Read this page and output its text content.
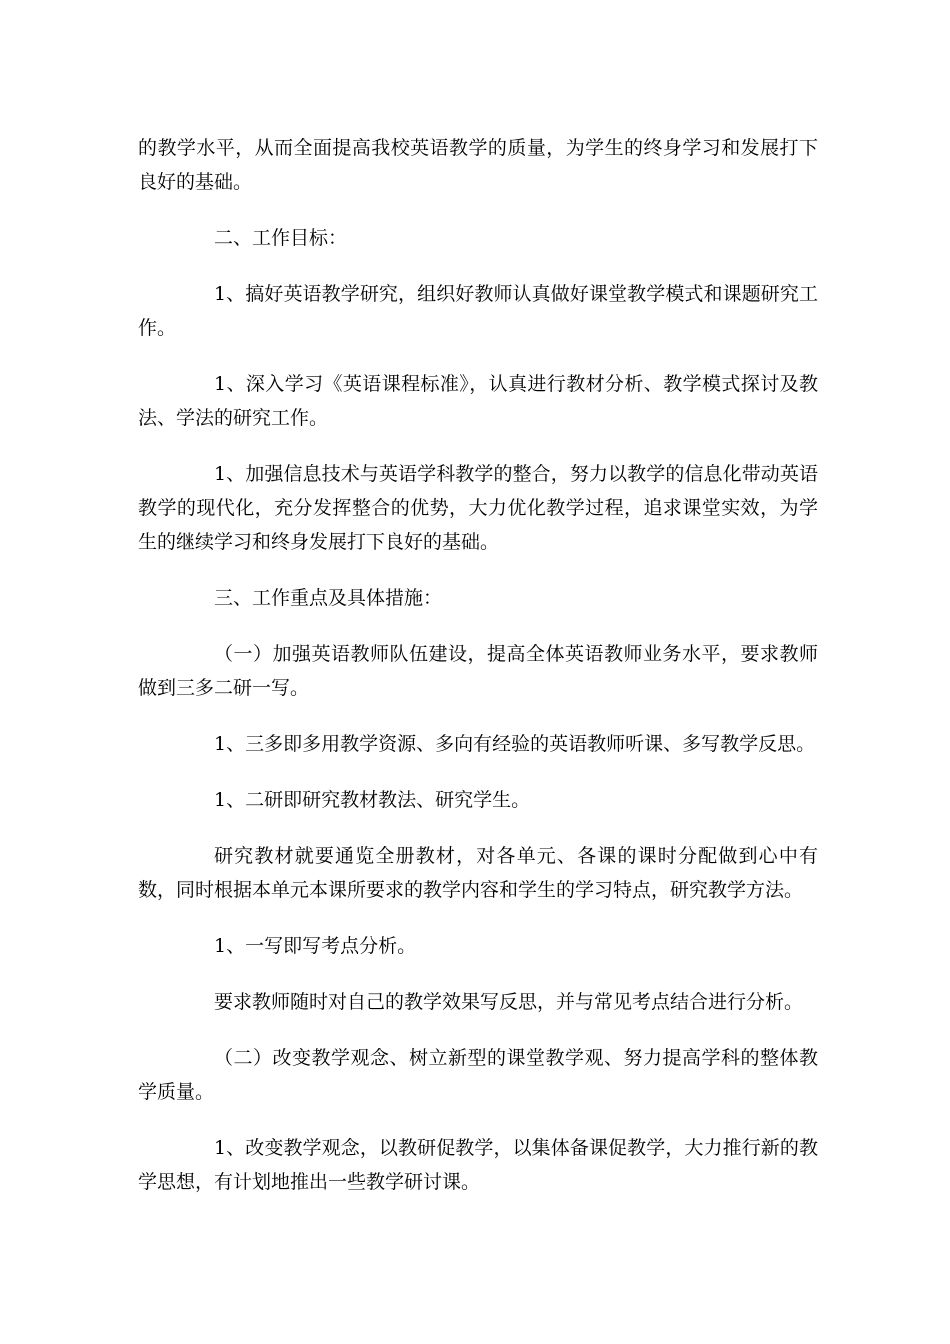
的教学水平，从而全面提高我校英语教学的质量，为学生的终身学习和发展打下良好的基础。

二、工作目标：

1、搞好英语教学研究，组织好教师认真做好课堂教学模式和课题研究工作。

1、深入学习《英语课程标准》，认真进行教材分析、教学模式探讨及教法、学法的研究工作。

1、加强信息技术与英语学科教学的整合，努力以教学的信息化带动英语教学的现代化，充分发挥整合的优势，大力优化教学过程，追求课堂实效，为学生的继续学习和终身发展打下良好的基础。

三、工作重点及具体措施：

（一）加强英语教师队伍建设，提高全体英语教师业务水平，要求教师做到三多二研一写。

1、三多即多用教学资源、多向有经验的英语教师听课、多写教学反思。

1、二研即研究教材教法、研究学生。

研究教材就要通览全册教材，对各单元、各课的课时分配做到心中有数，同时根据本单元本课所要求的教学内容和学生的学习特点，研究教学方法。

1、一写即写考点分析。

要求教师随时对自己的教学效果写反思，并与常见考点结合进行分析。

（二）改变教学观念、树立新型的课堂教学观、努力提高学科的整体教学质量。

1、改变教学观念，以教研促教学，以集体备课促教学，大力推行新的教学思想，有计划地推出一些教学研讨课。
